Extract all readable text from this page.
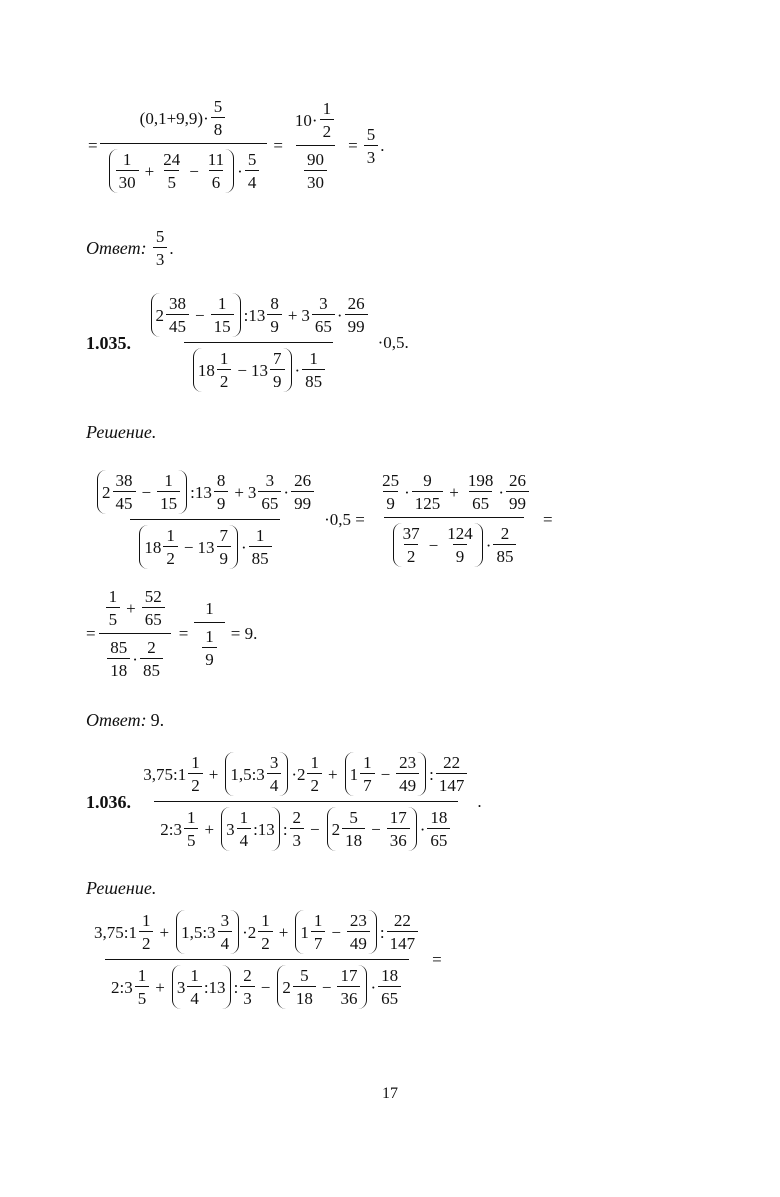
=
$(0,1+9,9)\cdot \frac{5}{8}$
$\frac{1}{30} + \frac{24}{5} - \frac{11}{6} \cdot \frac{5}{4}$
= $\frac{10\cdot \frac{1}{2}}{\frac{90}{30}} = \frac{5}{3}$ .
Ответ:
$\frac{5}{3}$ .
1.035.

$2 \frac{38}{45} - \frac{1}{15}$ :13 $\frac{8}{9} + 3 \frac{3}{65} \cdot \frac{26}{99}$
$18 \frac{1}{2} - 13 \frac{7}{9} \cdot \frac{1}{85}$
·0,5.
Решение.
$2 \frac{38}{45} - \frac{1}{15}$ :13 $\frac{8}{9} + 3 \frac{3}{65} \cdot \frac{26}{99}$
$18 \frac{1}{2} - 13 \frac{7}{9} \cdot \frac{1}{85}$
·0,5 =

$\frac{25}{9} \cdot \frac{9}{125} + \frac{198}{65} \cdot \frac{26}{99}$
$\frac{37}{2} - \frac{124}{9} \cdot \frac{2}{85}$
=
= $\frac{\frac{1}{5} + \frac{52}{65}}{\frac{85}{18} \cdot \frac{2}{85}} = \frac{1}{\frac{1}{9}} = 9$.
Ответ: 9.
1.036.

3,75:1 $\frac{1}{2}$ + 1,5:3 $\frac{3}{4} \cdot 2 \frac{1}{2} + 1 \frac{1}{7} - \frac{23}{49}$ : $\frac{22}{147}$
2:3 $\frac{1}{5} + 3 \frac{1}{4}$ :13 : $\frac{2}{3} - 2 \frac{5}{18} - \frac{17}{36} \cdot \frac{18}{65}$
.
Решение.
3,75:1 $\frac{1}{2}$ + 1,5:3 $\frac{3}{4} \cdot 2 \frac{1}{2} + 1 \frac{1}{7} - \frac{23}{49}$ : $\frac{22}{147}$
2:3 $\frac{1}{5} + 3 \frac{1}{4}$ :13 : $\frac{2}{3} - 2 \frac{5}{18} - \frac{17}{36} \cdot \frac{18}{65}$
=
17
